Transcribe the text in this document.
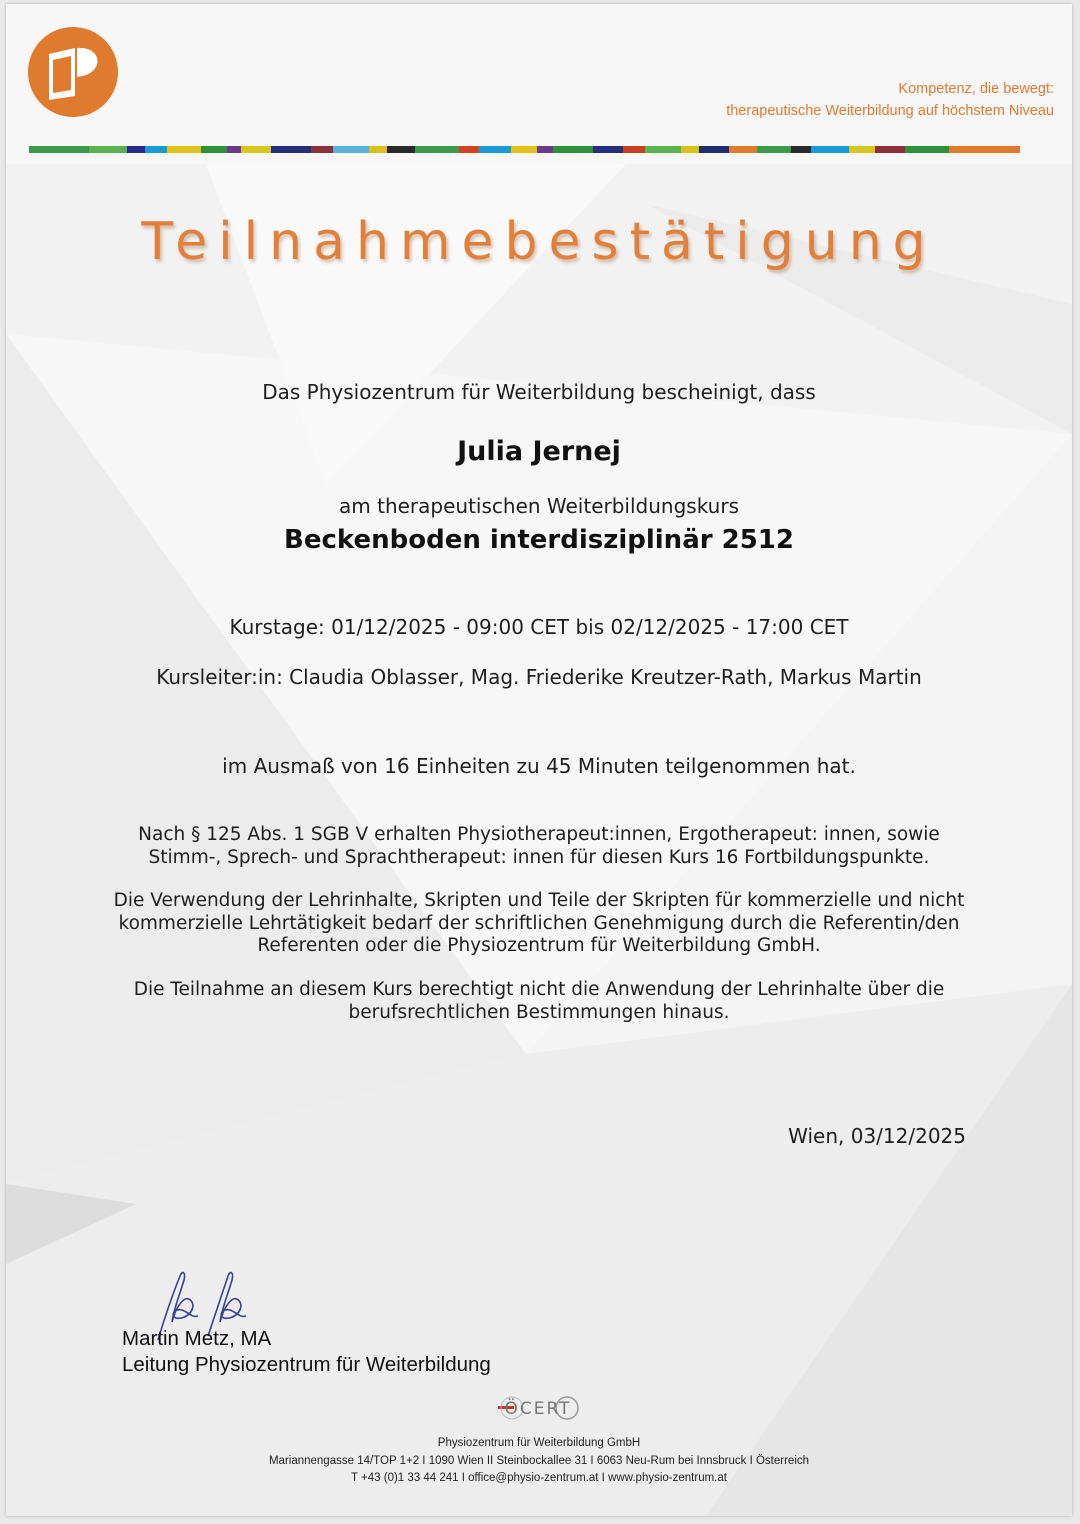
Kompetenz, die bewegt:
therapeutische Weiterbildung auf höchstem Niveau
Teilnahmebestätigung
Das Physiozentrum für Weiterbildung bescheinigt, dass
Julia Jernej
am therapeutischen Weiterbildungskurs
Beckenboden interdisziplinär 2512
Kurstage: 01/12/2025 - 09:00 CET bis 02/12/2025 - 17:00 CET
Kursleiter:in: Claudia Oblasser, Mag. Friederike Kreutzer-Rath, Markus Martin
im Ausmaß von 16 Einheiten zu 45 Minuten teilgenommen hat.
Nach § 125 Abs. 1 SGB V erhalten Physiotherapeut:innen, Ergotherapeut: innen, sowie
Stimm-, Sprech- und Sprachtherapeut: innen für diesen Kurs 16 Fortbildungspunkte.
Die Verwendung der Lehrinhalte, Skripten und Teile der Skripten für kommerzielle und nicht
kommerzielle Lehrtätigkeit bedarf der schriftlichen Genehmigung durch die Referentin/den
Referenten oder die Physiozentrum für Weiterbildung GmbH.
Die Teilnahme an diesem Kurs berechtigt nicht die Anwendung der Lehrinhalte über die
berufsrechtlichen Bestimmungen hinaus.
Wien, 03/12/2025
Martin Metz, MA
Leitung Physiozentrum für Weiterbildung
ÖCERT
Physiozentrum für Weiterbildung GmbH
Mariannengasse 14/TOP 1+2 I 1090 Wien II Steinbockallee 31 I 6063 Neu-Rum bei Innsbruck I Österreich
T +43 (0)1 33 44 241 I office@physio-zentrum.at I www.physio-zentrum.at
